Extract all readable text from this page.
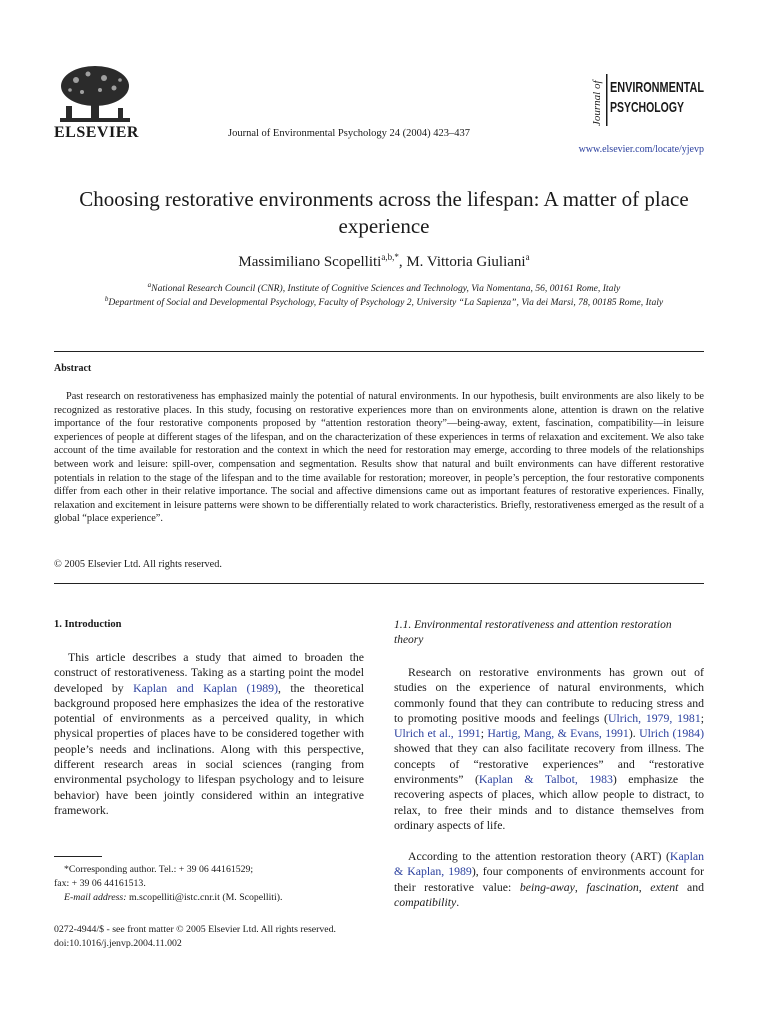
ELSEVIER	Journal of Environmental Psychology 24 (2004) 423–437
Journal of ENVIRONMENTAL
PSYCHOLOGY
www.elsevier.com/locate/yjevp
Choosing restorative environments across the lifespan: A matter of place experience
Massimiliano Scopelliti$^{a,b,*}$, M. Vittoria Giuliani$^a$
$^a$National Research Council (CNR), Institute of Cognitive Sciences and Technology, Via Nomentana, 56, 00161 Rome, Italy
$^b$Department of Social and Developmental Psychology, Faculty of Psychology 2, University “La Sapienza”, Via dei Marsi, 78, 00185 Rome, Italy
Abstract
Past research on restorativeness has emphasized mainly the potential of natural environments. In our hypothesis, built environments are also likely to be recognized as restorative places. In this study, focusing on restorative experiences more than on environments alone, attention is drawn on the relative importance of the four restorative components proposed by “attention restoration theory”—being-away, extent, fascination, compatibility—in leisure experiences of people at different stages of the lifespan, and on the characterization of these experiences in terms of relaxation and excitement. We also take account of the time available for restoration and the context in which the need for restoration may emerge, according to three models of the relationships between work and leisure: spill-over, compensation and segmentation. Results show that natural and built environments can have different restorative potentials in relation to the stage of the lifespan and to the time available for restoration; moreover, in people’s perception, the four restorative components differ from each other in their relative importance. The social and affective dimensions came out as important features of restorative experiences. Finally, relaxation and excitement in leisure patterns were shown to be differentially related to work characteristics. Briefly, restorativeness emerged as the result of a global “place experience”.
© 2005 Elsevier Ltd. All rights reserved.
1. Introduction
This article describes a study that aimed to broaden the construct of restorativeness. Taking as a starting point the model developed by Kaplan and Kaplan (1989), the theoretical background proposed here emphasizes the idea of the restorative potential of environments as a perceived quality, in which physical properties of places have to be considered together with people’s needs and inclinations. Along with this perspective, different research areas in social sciences (ranging from environmental psychology to lifespan psychology and to leisure behavior) have been jointly considered within an integrative framework.
*Corresponding author. Tel.: + 39 06 44161529;
fax: + 39 06 44161513.
E-mail address: m.scopelliti@istc.cnr.it (M. Scopelliti).
0272-4944/$ - see front matter © 2005 Elsevier Ltd. All rights reserved.
doi:10.1016/j.jenvp.2004.11.002
1.1. Environmental restorativeness and attention restoration theory
Research on restorative environments has grown out of studies on the experience of natural environments, which commonly found that they can contribute to reducing stress and to promoting positive moods and feelings (Ulrich, 1979, 1981; Ulrich et al., 1991; Hartig, Mang, & Evans, 1991). Ulrich (1984) showed that they can also facilitate recovery from illness. The concepts of “restorative experiences” and “restorative environments” (Kaplan & Talbot, 1983) emphasize the recovering aspects of places, which allow people to distract, to relax, to free their minds and to distance themselves from ordinary aspects of life.
According to the attention restoration theory (ART) (Kaplan & Kaplan, 1989), four components of environments account for their restorative value: being-away, fascination, extent and compatibility.
